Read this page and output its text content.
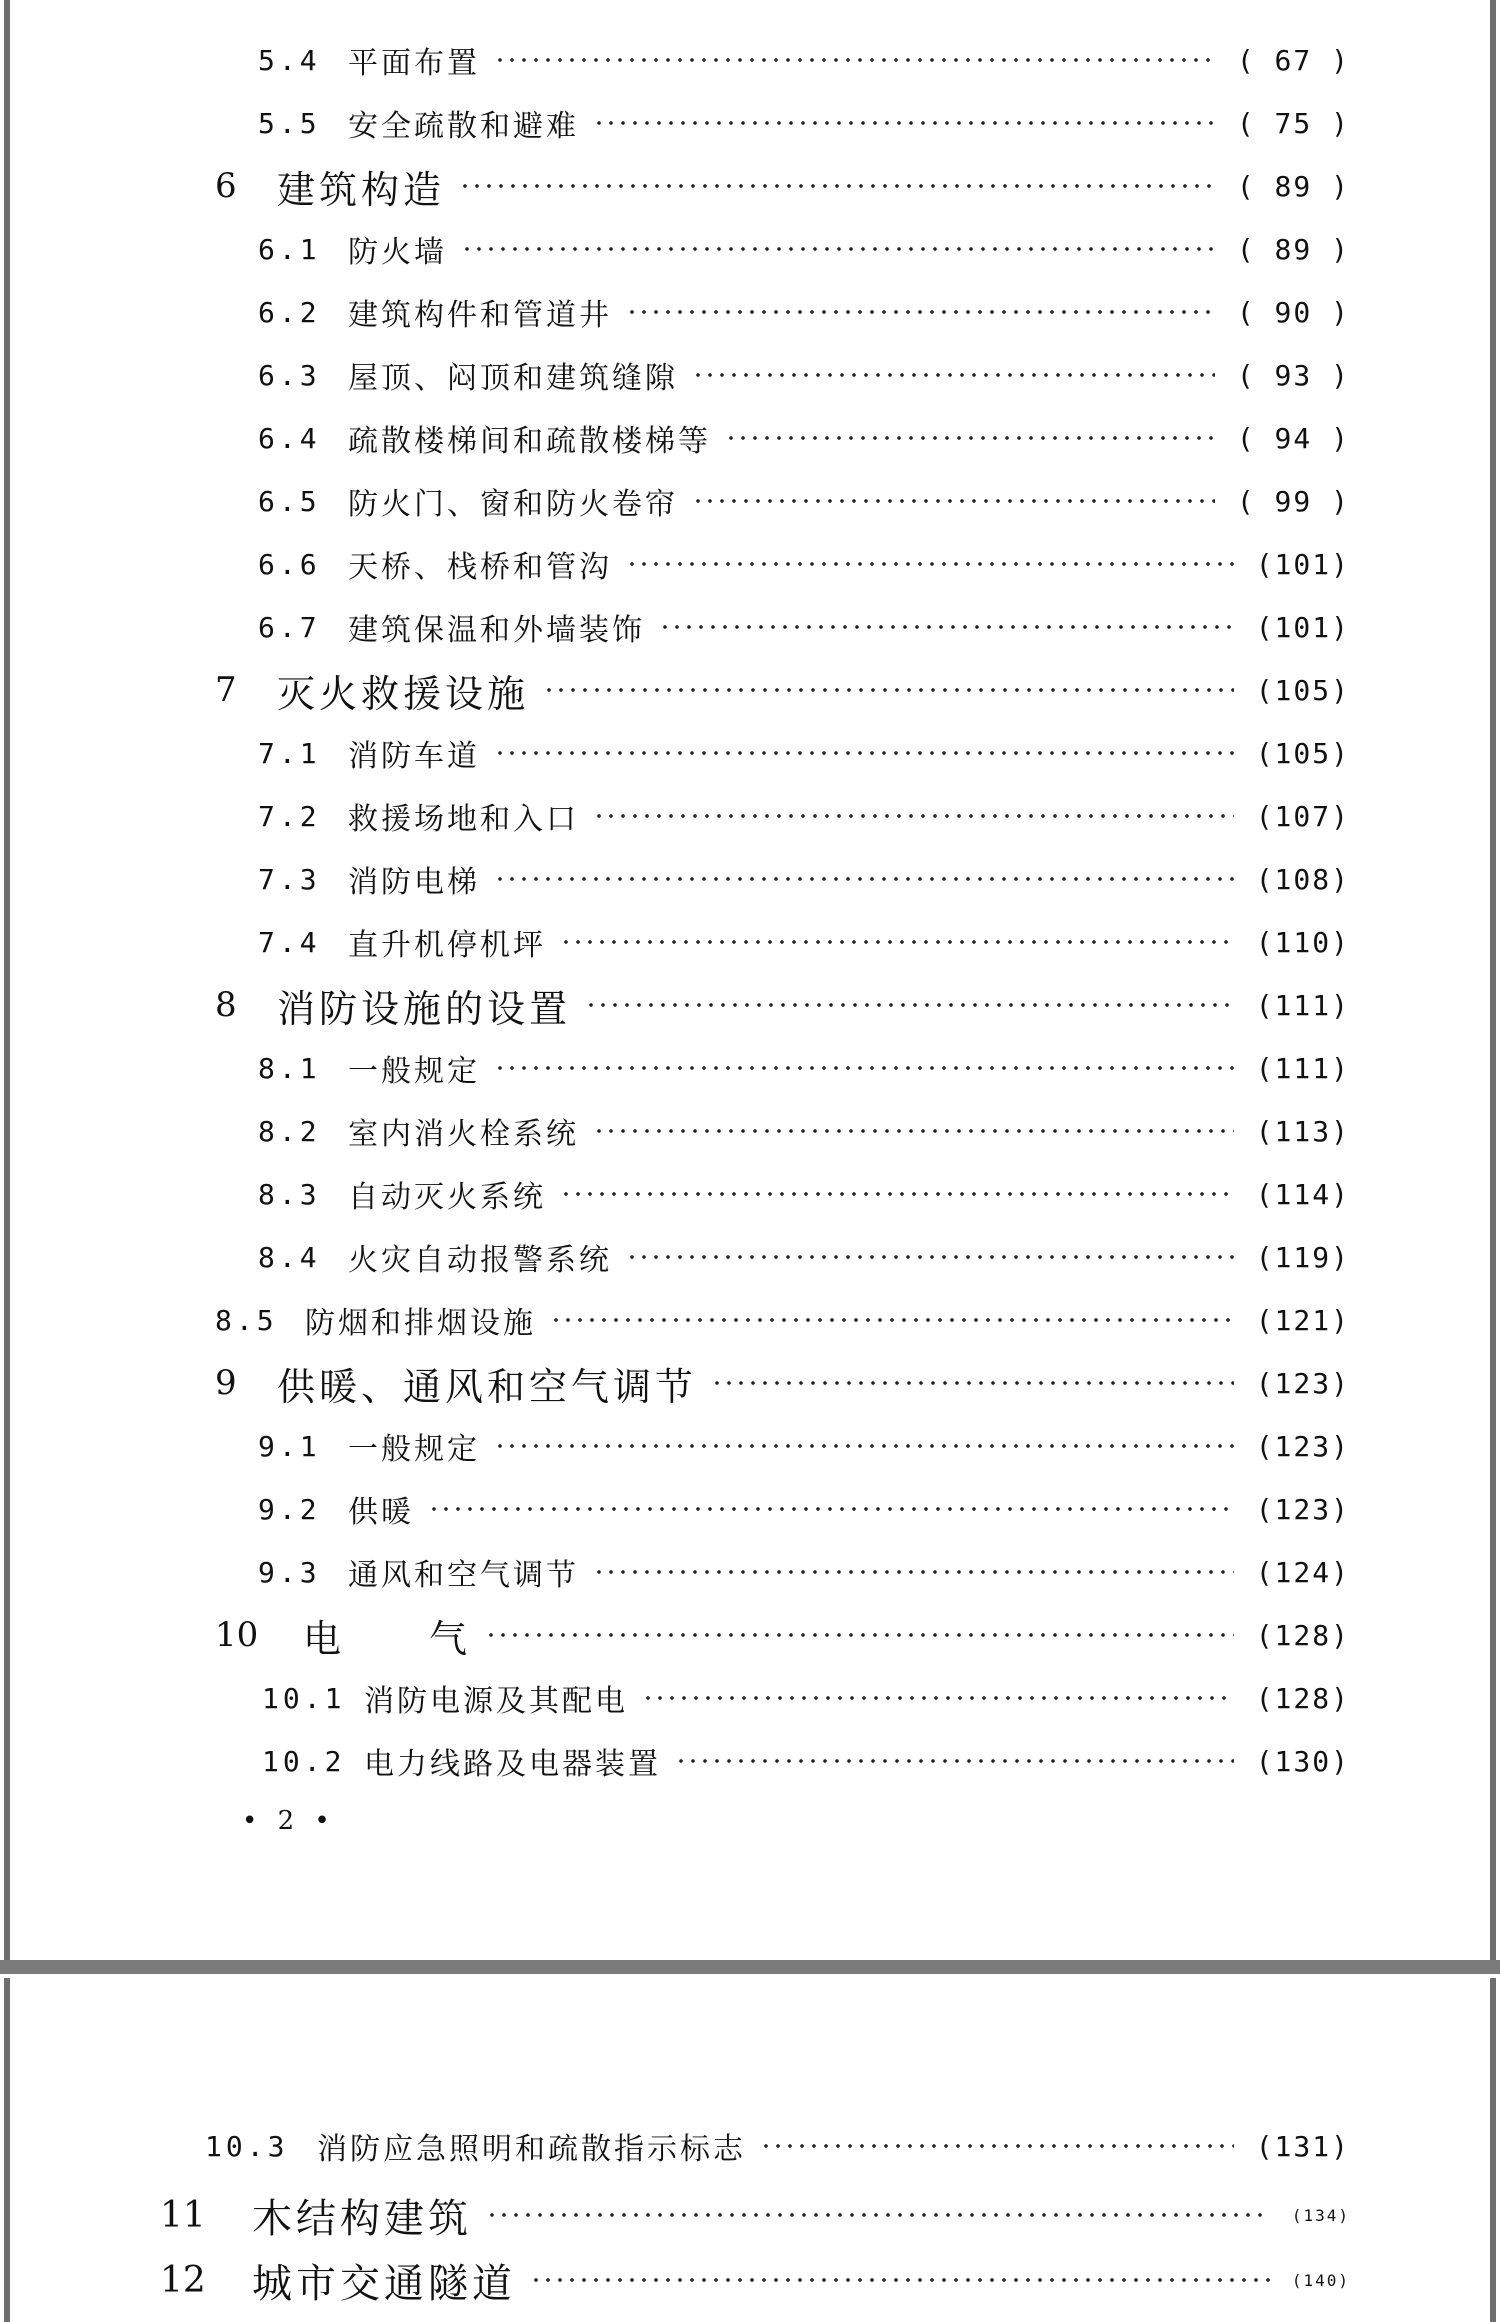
5.4 平面布置	( 67 )
5.5 安全疏散和避难	( 75 )
6	建筑构造	( 89 )
6.1 防火墙	( 89 )
6.2 建筑构件和管道井	( 90 )
6.3 屋顶、闷顶和建筑缝隙	( 93 )
6.4 疏散楼梯间和疏散楼梯等	( 94 )
6.5 防火门、窗和防火卷帘	( 99 )
6.6 天桥、栈桥和管沟	(101)
6.7 建筑保温和外墙装饰	(101)
7	灭火救援设施	(105)
7.1 消防车道	(105)
7.2 救援场地和入口	(107)
7.3 消防电梯	(108)
7.4 直升机停机坪	(110)
8	消防设施的设置	(111)
8.1 一般规定	(111)
8.2 室内消火栓系统	(113)
8.3 自动灭火系统	(114)
8.4 火灾自动报警系统	(119)
8.5 防烟和排烟设施	(121)
9	供暖、通风和空气调节	(123)
9.1 一般规定	(123)
9.2 供暖	(123)
9.3 通风和空气调节	(124)
10	电　　气	(128)
10.1 消防电源及其配电	(128)
10.2 电力线路及电器装置	(130)
10.3 消防应急照明和疏散指示标志	(131)
11	木结构建筑	(134)
12	城市交通隧道	(140)
• 2 •
